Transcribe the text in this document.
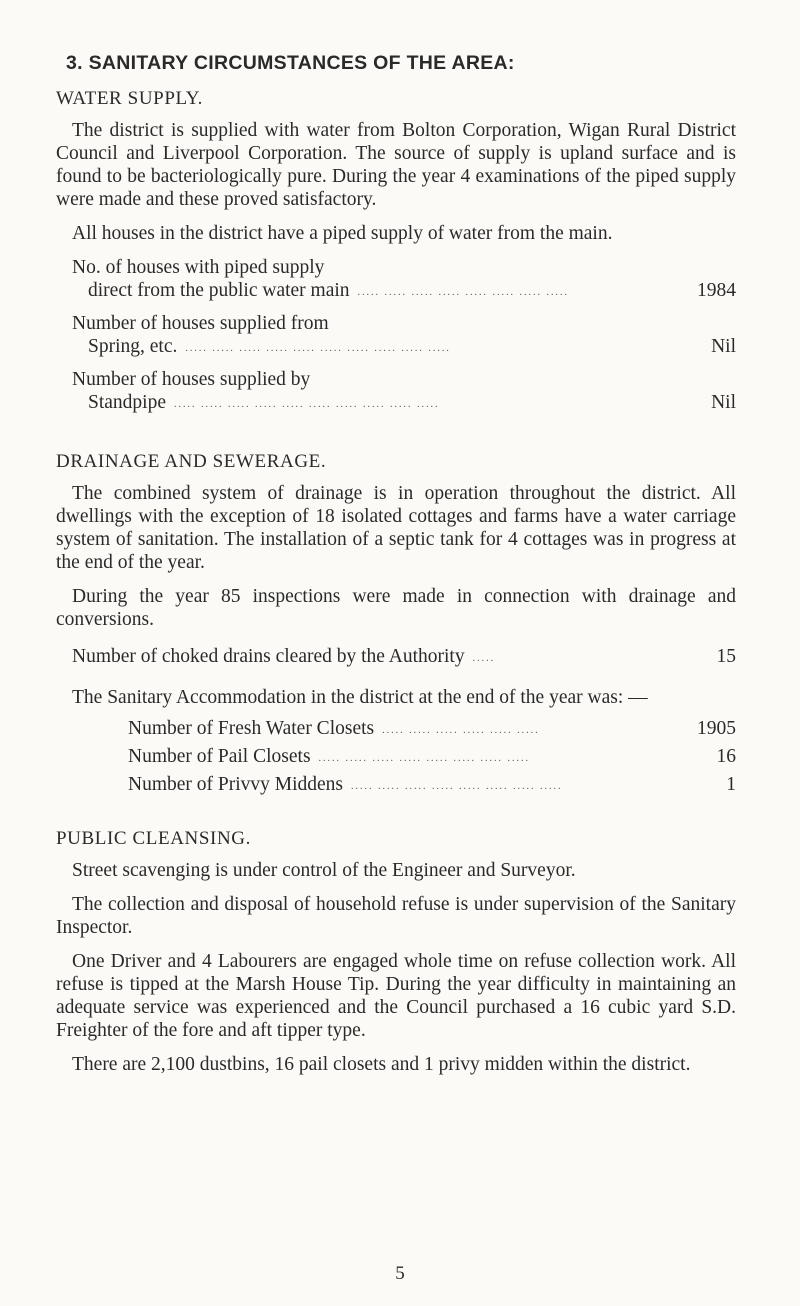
3. SANITARY CIRCUMSTANCES OF THE AREA:
WATER SUPPLY.

The district is supplied with water from Bolton Corporation, Wigan Rural District Council and Liverpool Corporation. The source of supply is upland surface and is found to be bacteriologically pure. During the year 4 examinations of the piped supply were made and these proved satisfactory.

All houses in the district have a piped supply of water from the main.

No. of houses with piped supply
direct from the public water main ..... ..... ..... ..... ..... ..... ..... .....	1984
Number of houses supplied from
Spring, etc. ..... ..... ..... ..... ..... ..... ..... ..... ..... .....	Nil
Number of houses supplied by
Standpipe ..... ..... ..... ..... ..... ..... ..... ..... ..... .....	Nil
DRAINAGE AND SEWERAGE.

The combined system of drainage is in operation throughout the district. All dwellings with the exception of 18 isolated cottages and farms have a water carriage system of sanitation. The installation of a septic tank for 4 cottages was in progress at the end of the year.

During the year 85 inspections were made in connection with drainage and conversions.

Number of choked drains cleared by the Authority .....	15

The Sanitary Accommodation in the district at the end of the year was: —

Number of Fresh Water Closets ..... ..... ..... ..... ..... .....	1905
Number of Pail Closets ..... ..... ..... ..... ..... ..... ..... .....	16
Number of Privvy Middens ..... ..... ..... ..... ..... ..... ..... .....	1
PUBLIC CLEANSING.

Street scavenging is under control of the Engineer and Surveyor.

The collection and disposal of household refuse is under supervision of the Sanitary Inspector.

One Driver and 4 Labourers are engaged whole time on refuse collection work. All refuse is tipped at the Marsh House Tip. During the year difficulty in maintaining an adequate service was experienced and the Council purchased a 16 cubic yard S.D. Freighter of the fore and aft tipper type.

There are 2,100 dustbins, 16 pail closets and 1 privy midden within the district.

5
